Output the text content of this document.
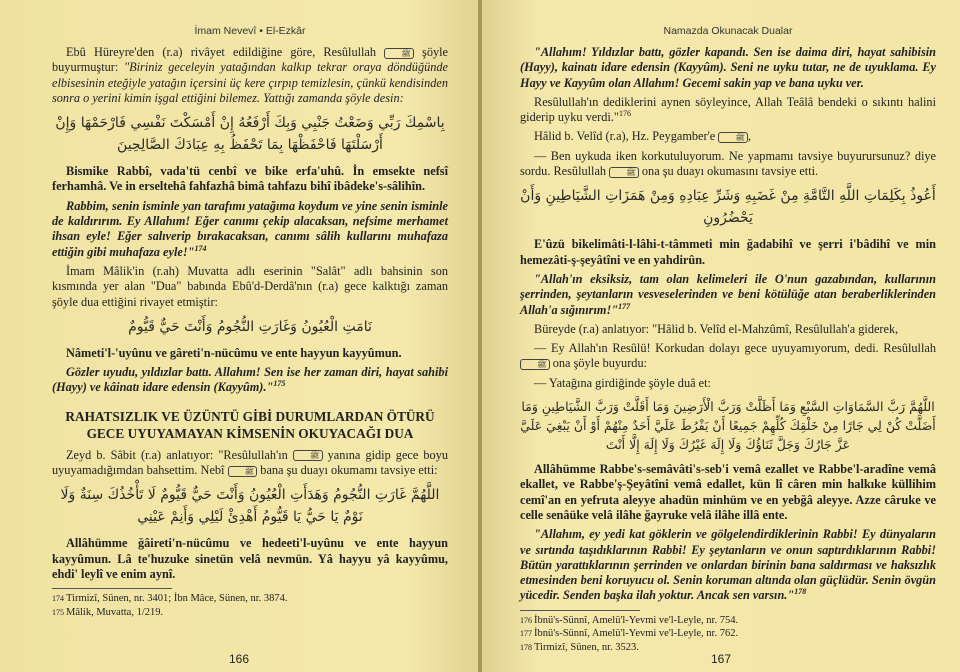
İmam Nevevî • El-Ezkâr

Ebû Hüreyre'den (r.a) rivâyet edildiğine göre, Resûlullah ﷺ şöyle buyurmuştur: "Biriniz geceleyin yatağından kalkıp tekrar oraya döndüğünde elbisesinin eteğiyle yatağın içersini üç kere çırpıp temizlesin, çünkü kendisinden sonra o yerini kimin işgal ettiğini bilemez. Yattığı zamanda şöyle desin:

بِاسْمِكَ رَبِّي وَضَعْتُ جَنْبِي وَبِكَ أَرْفَعُهُ إِنْ أَمْسَكْتَ نَفْسِي فَارْحَمْهَا وَإِنْ أَرْسَلْتَهَا فَاحْفَظْهَا بِمَا تَحْفَظُ بِهِ عِبَادَكَ الصَّالِحِينَ

Bismike Rabbî, vada'tü cenbî ve bike erfa'uhû. İn emsekte nefsî ferhamhâ. Ve in erseltehâ fahfazhâ bimâ tahfazu bihî ibâdeke's-sâlihîn.

Rabbim, senin isminle yan tarafımı yatağıma koydum ve yine senin isminle de kaldırırım. Ey Allahım! Eğer canımı çekip alacaksan, nefsime merhamet ihsan eyle! Eğer salıverip bırakacaksan, canımı sâlih kullarını muhafaza ettiğin gibi muhafaza eyle!"$^{174}$

İmam Mâlik'in (r.ah) Muvatta adlı eserinin "Salât" adlı bahsinin son kısmında yer alan "Dua" babında Ebû'd-Derdâ'nın (r.a) gece kalktığı zaman şöyle dua ettiğini rivayet etmiştir:

نَامَتِ الْعُيُونُ وَغَارَتِ النُّجُومُ وَأَنْتَ حَيٌّ قَيُّومٌ

Nâmeti'l-'uyûnu ve gâreti'n-nücûmu ve ente hayyun kayyûmun.

Gözler uyudu, yıldızlar battı. Allahım! Sen ise her zaman diri, hayat sahibi (Hayy) ve kâinatı idare edensin (Kayyûm)."$^{175}$

RAHATSIZLIK VE ÜZÜNTÜ GİBİ DURUMLARDAN ÖTÜRÜ GECE UYUYAMAYAN KİMSENİN OKUYACAĞI DUA

Zeyd b. Sâbit (r.a) anlatıyor: "Resûlullah'ın ﷺ yanına gidip gece boyu uyuyamadığımdan bahsettim. Nebî ﷺ bana şu duayı okumamı tavsiye etti:

اللَّهُمَّ غَارَتِ النُّجُومُ وَهَدَأَتِ الْعُيُونُ وَأَنْتَ حَيٌّ قَيُّومٌ لَا تَأْخُذُكَ سِنَةٌ وَلَا نَوْمٌ يَا حَيُّ يَا قَيُّومُ أَهْدِئْ لَيْلِي وَأَنِمْ عَيْنِي

Allâhümme ğâireti'n-nücûmu ve hedeeti'l-uyûnu ve ente hayyun kayyûmun. Lâ te'huzuke sinetün velâ nevmün. Yâ hayyu yâ kayyûmu, ehdi' leylî ve enim aynî.

174 Tirmizî, Sünen, nr. 3401; İbn Mâce, Sünen, nr. 3874.

175 Mâlik, Muvatta, 1/219.

166
Namazda Okunacak Dualar

"Allahım! Yıldızlar battı, gözler kapandı. Sen ise daima diri, hayat sahibisin (Hayy), kainatı idare edensin (Kayyûm). Seni ne uyku tutar, ne de uyuklama. Ey Hayy ve Kayyûm olan Allahım! Gecemi sakin yap ve bana uyku ver.

Resûlullah'ın dediklerini aynen söyleyince, Allah Teâlâ bendeki o sıkıntı halini giderip uyku verdi."$^{176}$

Hâlid b. Velîd (r.a), Hz. Peygamber'e ﷺ ,

— Ben uykuda iken korkutuluyorum. Ne yapmamı tavsiye buyurursunuz? diye sordu. Resûlullah ﷺ ona şu duayı okumasını tavsiye etti.

أَعُوذُ بِكَلِمَاتِ اللَّهِ التَّامَّةِ مِنْ غَضَبِهِ وَشَرِّ عِبَادِهِ وَمِنْ هَمَزَاتِ الشَّيَاطِينِ وَأَنْ يَحْضُرُونِ

E'ûzü bikelimâti-l-lâhi-t-tâmmeti min ğadabihî ve şerri i'bâdihî ve min hemezâti-ş-şeyâtîni ve en yahdirûn.

"Allah'ın eksiksiz, tam olan kelimeleri ile O'nun gazabından, kullarının şerrinden, şeytanların vesveselerinden ve beni kötülüğe atan beraberliklerinden Allah'a sığınırım!"$^{177}$

Büreyde (r.a) anlatıyor: "Hâlid b. Velîd el-Mahzûmî, Resûlullah'a giderek,

— Ey Allah'ın Resûlü! Korkudan dolayı gece uyuyamıyorum, dedi. Resûlullah ﷺ ona şöyle buyurdu:

— Yatağına girdiğinde şöyle duâ et:

اللَّهُمَّ رَبَّ السَّمَاوَاتِ السَّبْعِ وَمَا أَظَلَّتْ وَرَبَّ الْأَرَضِينَ وَمَا أَقَلَّتْ وَرَبَّ الشَّيَاطِينِ وَمَا أَضَلَّتْ كُنْ لِي جَارًا مِنْ خَلْقِكَ كُلِّهِمْ جَمِيعًا أَنْ يَفْرُطَ عَلَيَّ أَحَدٌ مِنْهُمْ أَوْ أَنْ يَبْغِيَ عَلَيَّ عَزَّ جَارُكَ وَجَلَّ ثَنَاؤُكَ وَلَا إِلَهَ غَيْرُكَ وَلَا إِلَهَ إِلَّا أَنْتَ

Allâhümme Rabbe's-semâvâti's-seb'i vemâ ezallet ve Rabbe'l-aradîne vemâ ekallet, ve Rabbe'ş-Şeyâtîni vemâ edallet, kün lî câren min halkıke küllihim cemî'an en yefruta aleyye ahadün minhüm ve en yebğâ aleyye. Azze câruke ve celle senâüke velâ ilâhe ğayruke velâ ilâhe illâ ente.

"Allahım, ey yedi kat göklerin ve gölgelendirdiklerinin Rabbi! Ey dünyaların ve sırtında taşıdıklarının Rabbi! Ey şeytanların ve onun saptırdıklarının Rabbi! Bütün yarattıklarının şerrinden ve onlardan birinin bana saldırması ve haksızlık etmesinden beni koruyucu ol. Senin koruman altında olan güçlüdür. Senin övgün yücedir. Senden başka ilah yoktur. Ancak sen varsın."$^{178}$

176 İbnü's-Sünnî, Amelü'l-Yevmi ve'l-Leyle, nr. 754.

177 İbnü's-Sünnî, Amelü'l-Yevmi ve'l-Leyle, nr. 762.

178 Tirmizî, Sünen, nr. 3523.

167
